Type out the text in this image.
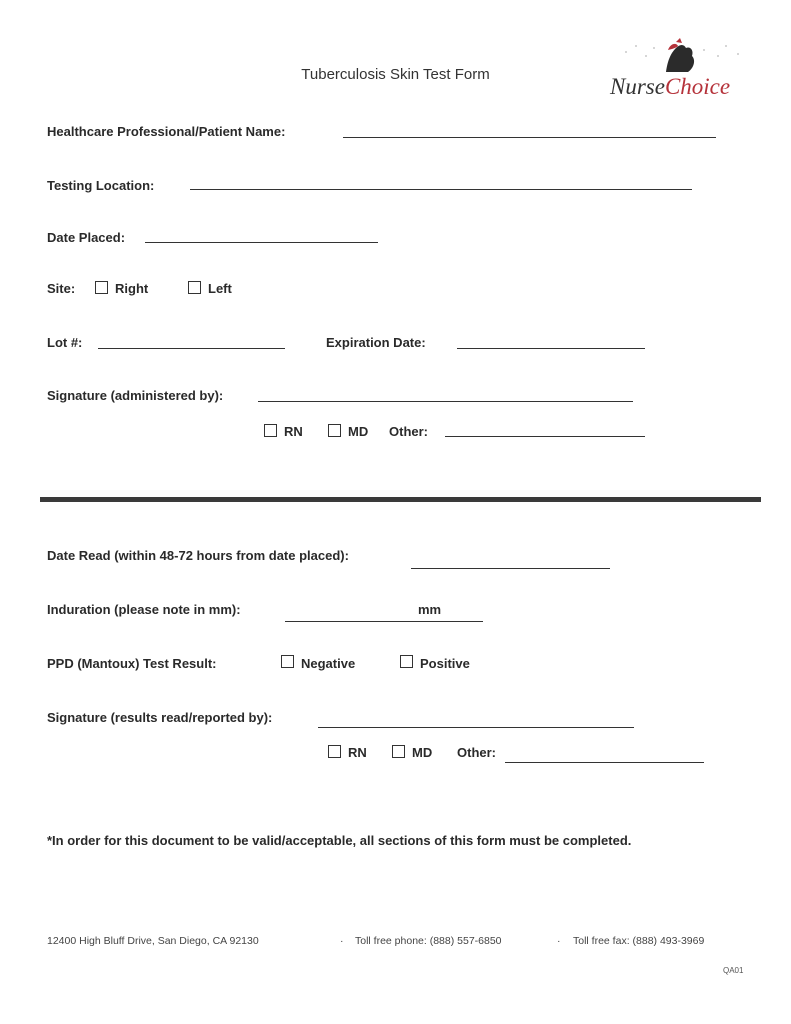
Tuberculosis Skin Test Form	NurseChoice
Healthcare Professional/Patient Name:
Testing Location:
Date Placed:
Site:	Right	Left
Lot #:	Expiration Date:
Signature (administered by):
RN	MD Other:
Date Read (within 48-72 hours from date placed):
Induration (please note in mm):	mm
PPD (Mantoux) Test Result:	Negative	Positive
Signature (results read/reported by):
RN	MD Other:
*In order for this document to be valid/acceptable, all sections of this form must be completed.
12400 High Bluff Drive, San Diego, CA 92130	· Toll free phone: (888) 557-6850	· Toll free fax: (888) 493-3969
QA01
